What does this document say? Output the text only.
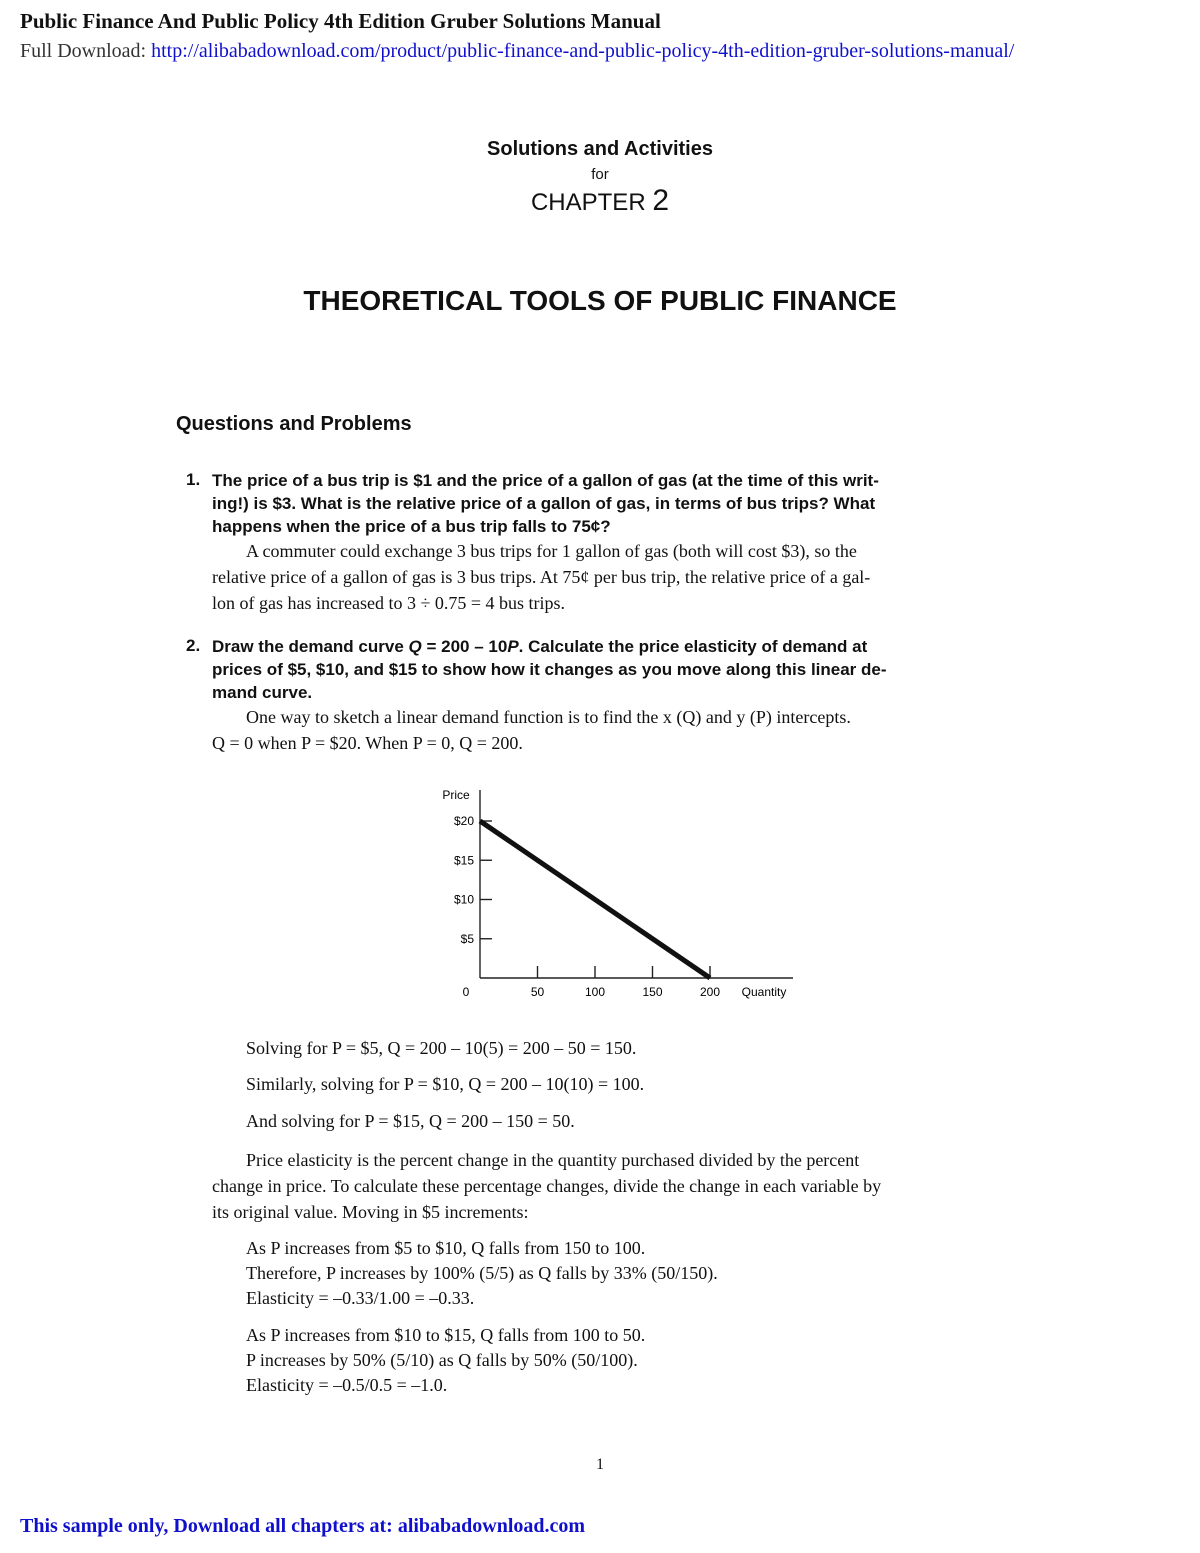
Public Finance And Public Policy 4th Edition Gruber Solutions Manual
Full Download: http://alibabadownload.com/product/public-finance-and-public-policy-4th-edition-gruber-solutions-manual/
Solutions and Activities
for
CHAPTER 2
THEORETICAL TOOLS OF PUBLIC FINANCE
Questions and Problems
1. The price of a bus trip is $1 and the price of a gallon of gas (at the time of this writ-
ing!) is $3. What is the relative price of a gallon of gas, in terms of bus trips? What
happens when the price of a bus trip falls to 75¢?
A commuter could exchange 3 bus trips for 1 gallon of gas (both will cost $3), so the
relative price of a gallon of gas is 3 bus trips. At 75¢ per bus trip, the relative price of a gal-
lon of gas has increased to 3 ÷ 0.75 = 4 bus trips.
2. Draw the demand curve Q = 200 – 10P. Calculate the price elasticity of demand at
prices of $5, $10, and $15 to show how it changes as you move along this linear de-
mand curve.
One way to sketch a linear demand function is to find the x (Q) and y (P) intercepts.
Q = 0 when P = $20. When P = 0, Q = 200.
50	100	150	200
$5
$10
$15
$20
Price
Quantity
0
Solving for P = $5, Q = 200 – 10(5) = 200 – 50 = 150.
Similarly, solving for P = $10, Q = 200 – 10(10) = 100.
And solving for P = $15, Q = 200 – 150 = 50.
Price elasticity is the percent change in the quantity purchased divided by the percent
change in price. To calculate these percentage changes, divide the change in each variable by
its original value. Moving in $5 increments:
As P increases from $5 to $10, Q falls from 150 to 100.
Therefore, P increases by 100% (5/5) as Q falls by 33% (50/150).
Elasticity = –0.33/1.00 = –0.33.
As P increases from $10 to $15, Q falls from 100 to 50.
P increases by 50% (5/10) as Q falls by 50% (50/100).
Elasticity = –0.5/0.5 = –1.0.
1
This sample only, Download all chapters at: alibabadownload.com
